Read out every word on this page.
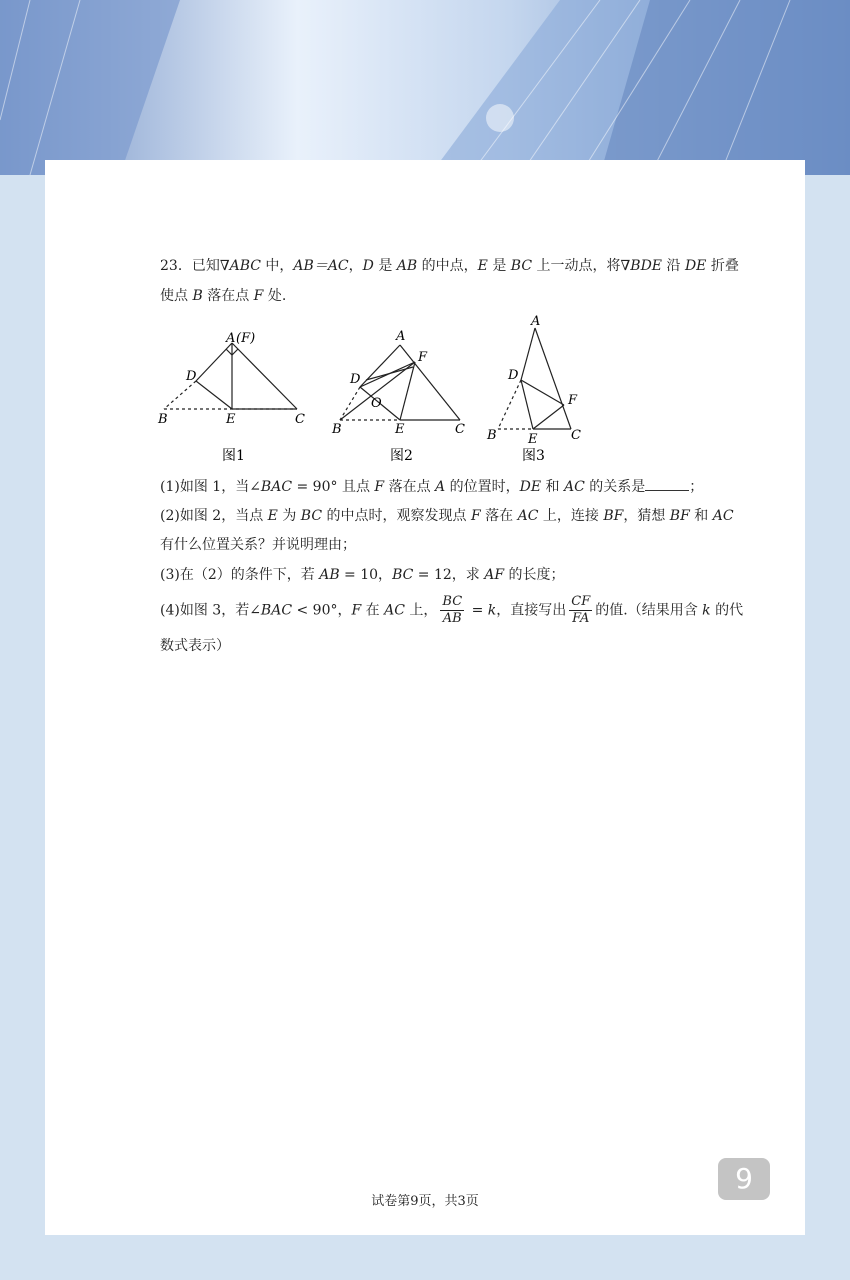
23．已知∇ABC 中，AB＝AC，D 是 AB 的中点，E 是 BC 上一动点，将∇BDE 沿 DE 折叠
使点 B 落在点 F 处.
A (F)
D
B	E	C
图1
A
F
D
O
B	E	C
图2
A
D
F
B E	C
图3
(1)如图 1，当∠BAC = 90° 且点 F 落在点 A 的位置时，DE 和 AC 的关系是	；
(2)如图 2，当点 E 为 BC 的中点时，观察发现点 F 落在 AC 上，连接 BF，猜想 BF 和 AC
有什么位置关系？并说明理由；
(3)在（2）的条件下，若 AB = 10，BC = 12，求 AF 的长度；
(4)如图 3，若∠BAC < 90°，F 在 AC 上， $\frac{BC}{AB} = k$，直接写出 $\frac{CF}{FA}$ 的值.（结果用含 k 的代
数式表示）
试卷第9页，共3页
9
